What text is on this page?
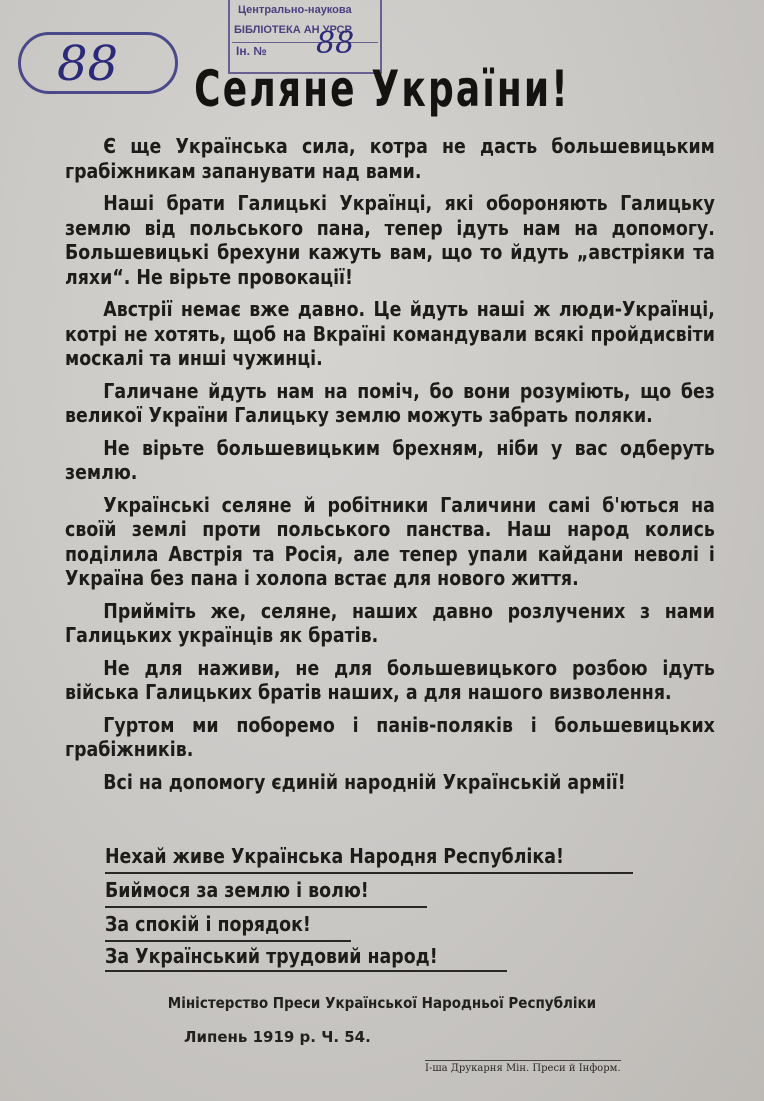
88
Центрально-наукова
БІБЛІОТЕКА АН УРСР
Ін. № 88
Селяне України!

Є ще Українська сила, котра не дасть большевицьким грабіжникам запанувати над вами.

Наші брати Галицькі Українці, які обороняють Галицьку землю від польського пана, тепер ідуть нам на допомогу. Большевицькі брехуни кажуть вам, що то йдуть „австріяки та ляхи“. Не вірьте провокації!

Австрії немає вже давно. Це йдуть наші ж люди-Українці, котрі не хотять, щоб на Вкраїні командували всякі пройдисвіти москалі та инші чужинці.

Галичане йдуть нам на поміч, бо вони розуміють, що без великої України Галицьку землю можуть забрать поляки.

Не вірьте большевицьким брехням, ніби у вас одберуть землю.

Українські селяне й робітники Галичини самі б'ються на своїй землі проти польського панства. Наш народ колись поділила Австрія та Росія, але тепер упали кайдани неволі і Україна без пана і холопа встає для нового життя.

Прийміть же, селяне, наших давно розлучених з нами Галицьких українців як братів.

Не для наживи, не для большевицького розбою ідуть війська Галицьких братів наших, а для нашого визволення.

Гуртом ми поборемо і панів-поляків і большевицьких грабіжників.

Всі на допомогу єдиній народній Українській армії!

Нехай живе Українська Народня Республіка!
Биймося за землю і волю!
За спокій і порядок!
За Український трудовий народ!
Міністерство Преси Української Народньої Республіки
Липень 1919 р. Ч. 54.
І-ша Друкарня Мін. Преси й Інформ.
